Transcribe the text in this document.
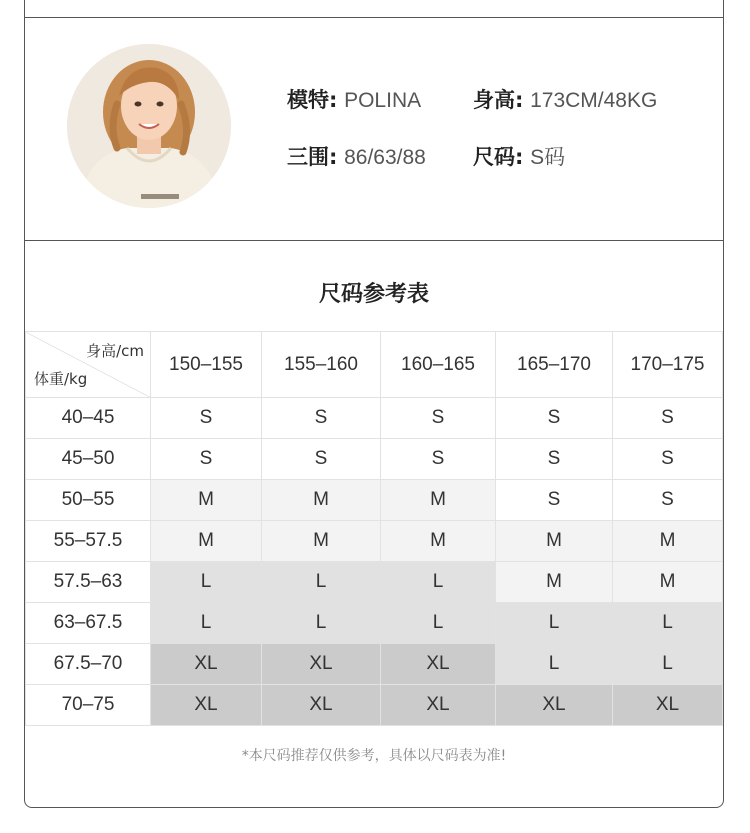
模特: POLINA 身高: 173CM/48KG
三围: 86/63/88 尺码: S码
尺码参考表
身高/cm
体重/kg	150–155	155–160	160–165	165–170	170–175
40–45	S	S	S	S	S
45–50	S	S	S	S	S
50–55	M	M	M	S	S
55–57.5	M	M	M	M	M
57.5–63	L	L	L	M	M
63–67.5	L	L	L	L	L
67.5–70	XL	XL	XL	L	L
70–75	XL	XL	XL	XL	XL
*本尺码推荐仅供参考，具体以尺码表为准!
